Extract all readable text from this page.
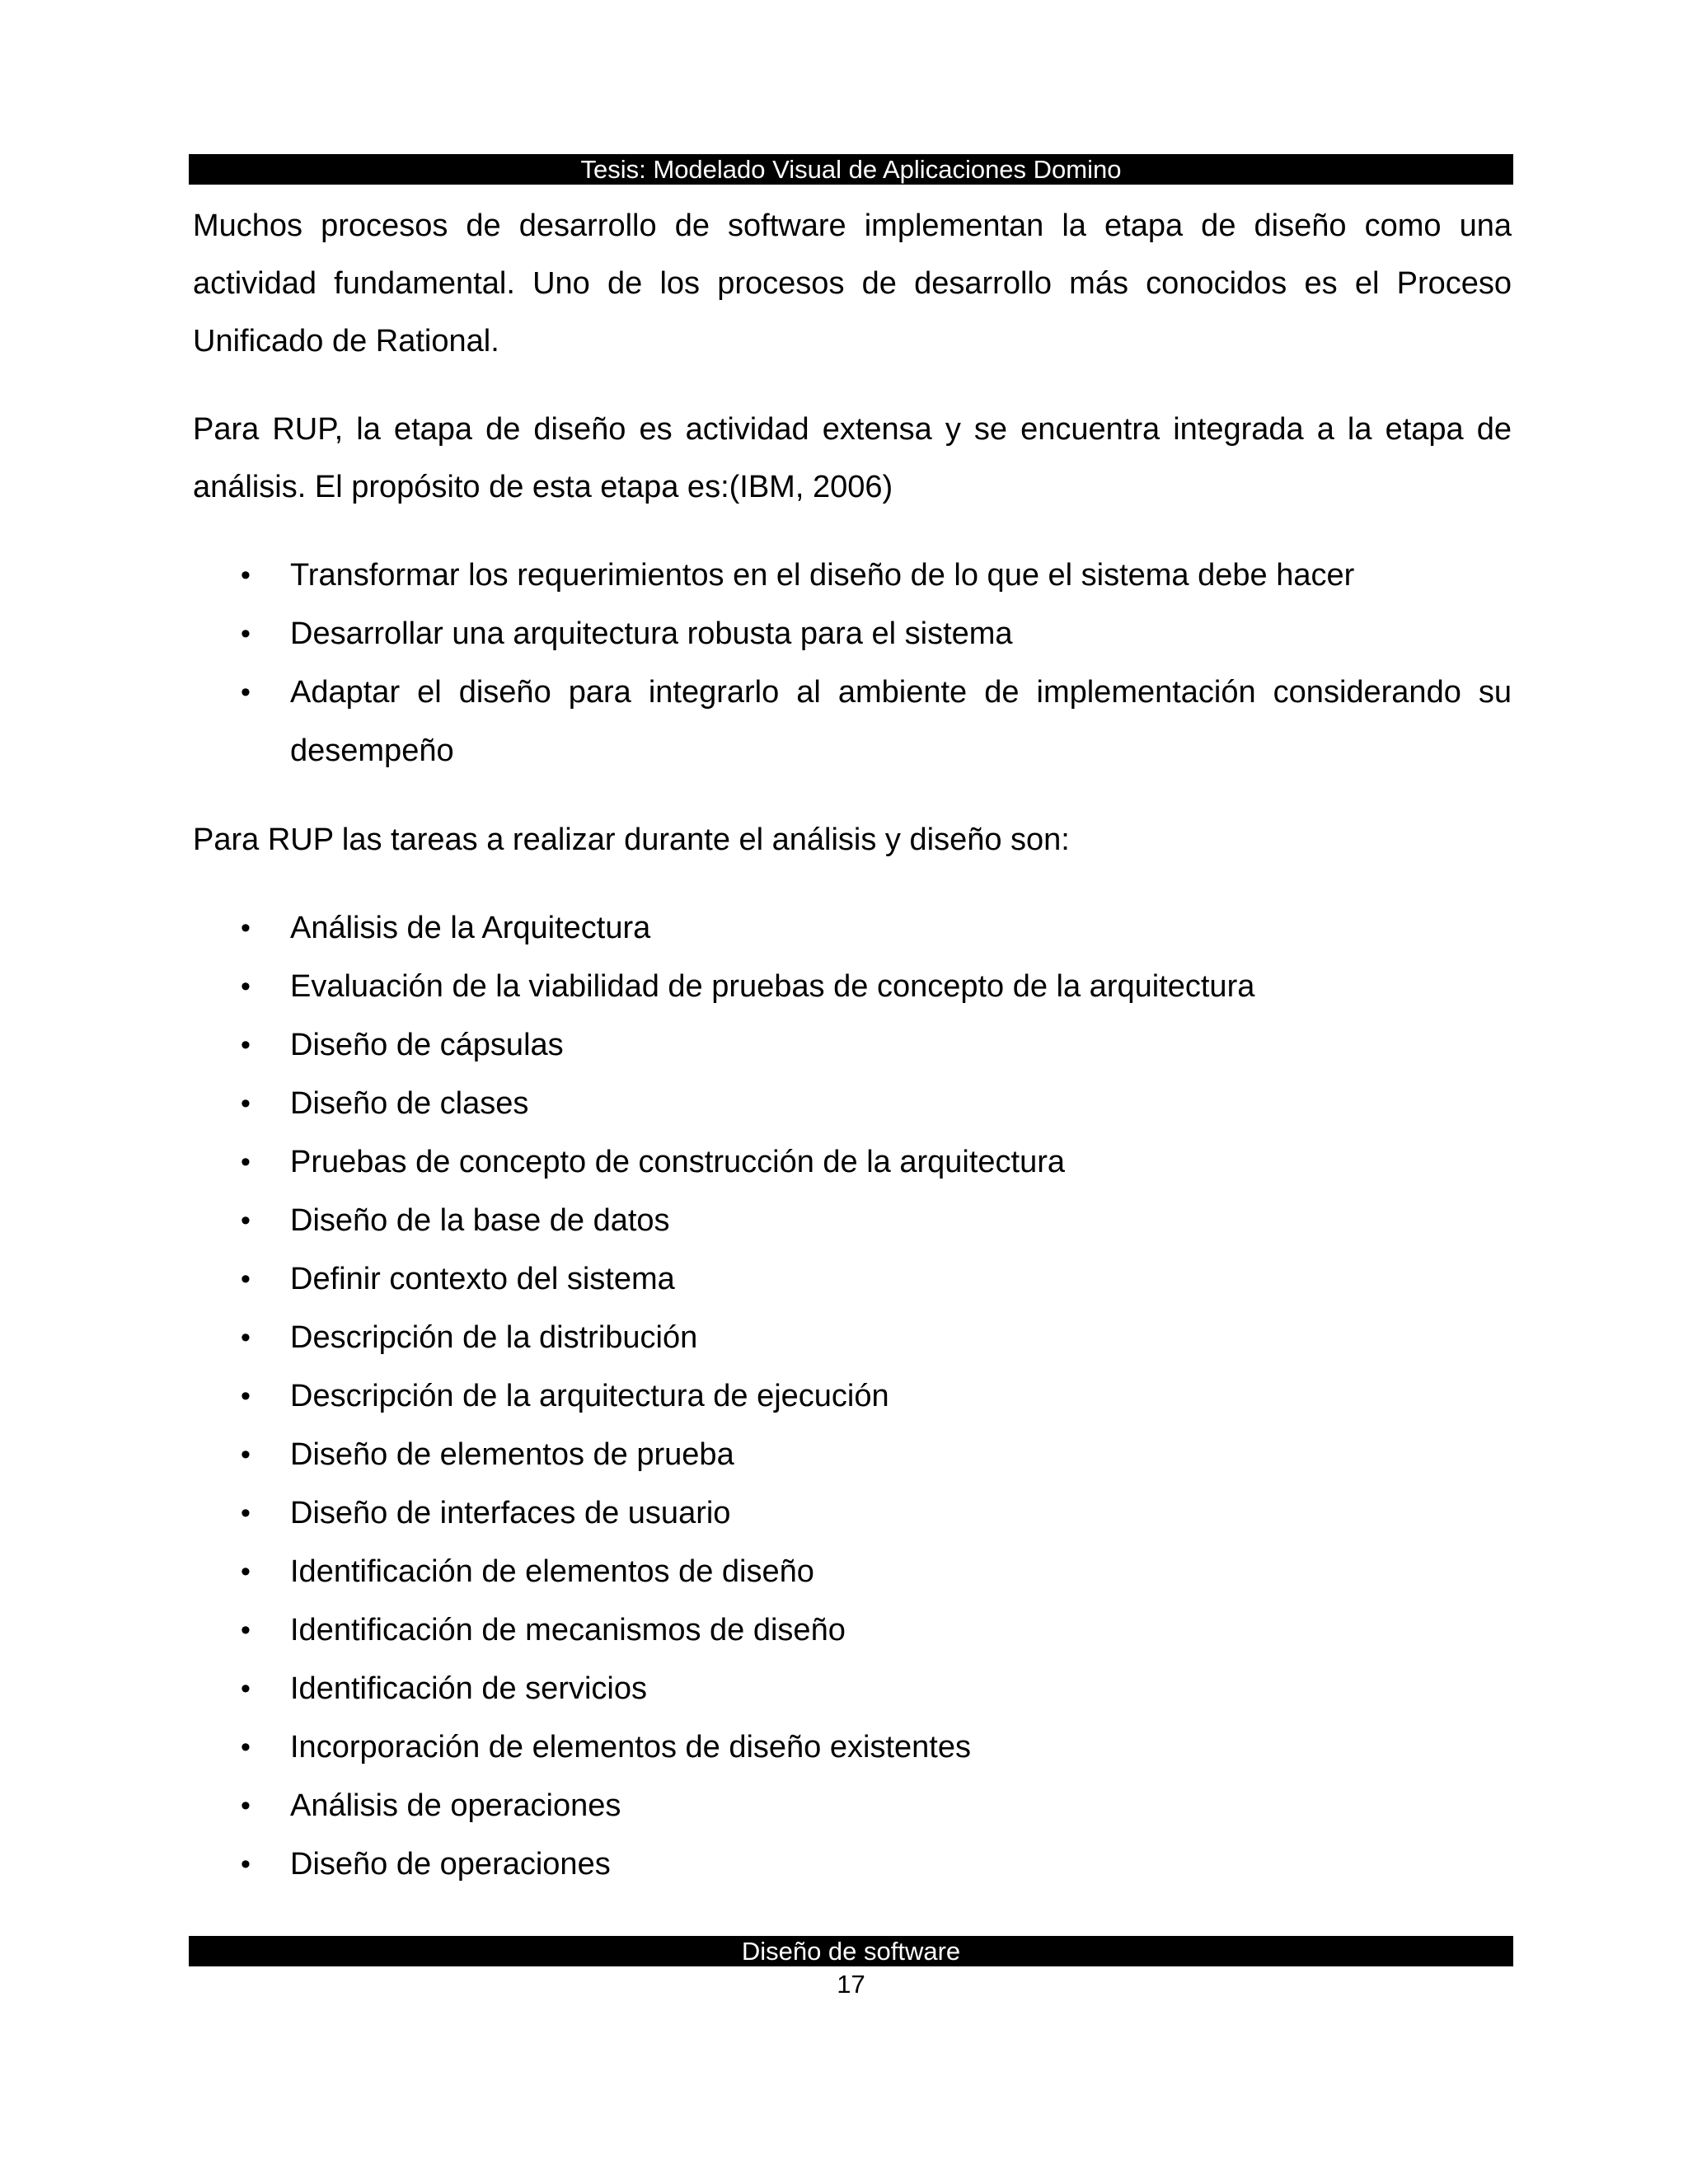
Tesis: Modelado Visual de Aplicaciones Domino

Muchos procesos de desarrollo de software implementan la etapa de diseño como una actividad fundamental. Uno de los procesos de desarrollo más conocidos es el Proceso Unificado de Rational.

Para RUP, la etapa de diseño es actividad extensa y se encuentra integrada a la etapa de análisis. El propósito de esta etapa es:(IBM, 2006)

• Transformar los requerimientos en el diseño de lo que el sistema debe hacer
• Desarrollar una arquitectura robusta para el sistema
• Adaptar el diseño para integrarlo al ambiente de implementación considerando su desempeño

Para RUP las tareas a realizar durante el análisis y diseño son:

• Análisis de la Arquitectura
• Evaluación de la viabilidad de pruebas de concepto de la arquitectura
• Diseño de cápsulas
• Diseño de clases
• Pruebas de concepto de construcción de la arquitectura
• Diseño de la base de datos
• Definir contexto del sistema
• Descripción de la distribución
• Descripción de la arquitectura de ejecución
• Diseño de elementos de prueba
• Diseño de interfaces de usuario
• Identificación de elementos de diseño
• Identificación de mecanismos de diseño
• Identificación de servicios
• Incorporación de elementos de diseño existentes
• Análisis de operaciones
• Diseño de operaciones
Diseño de software
17
